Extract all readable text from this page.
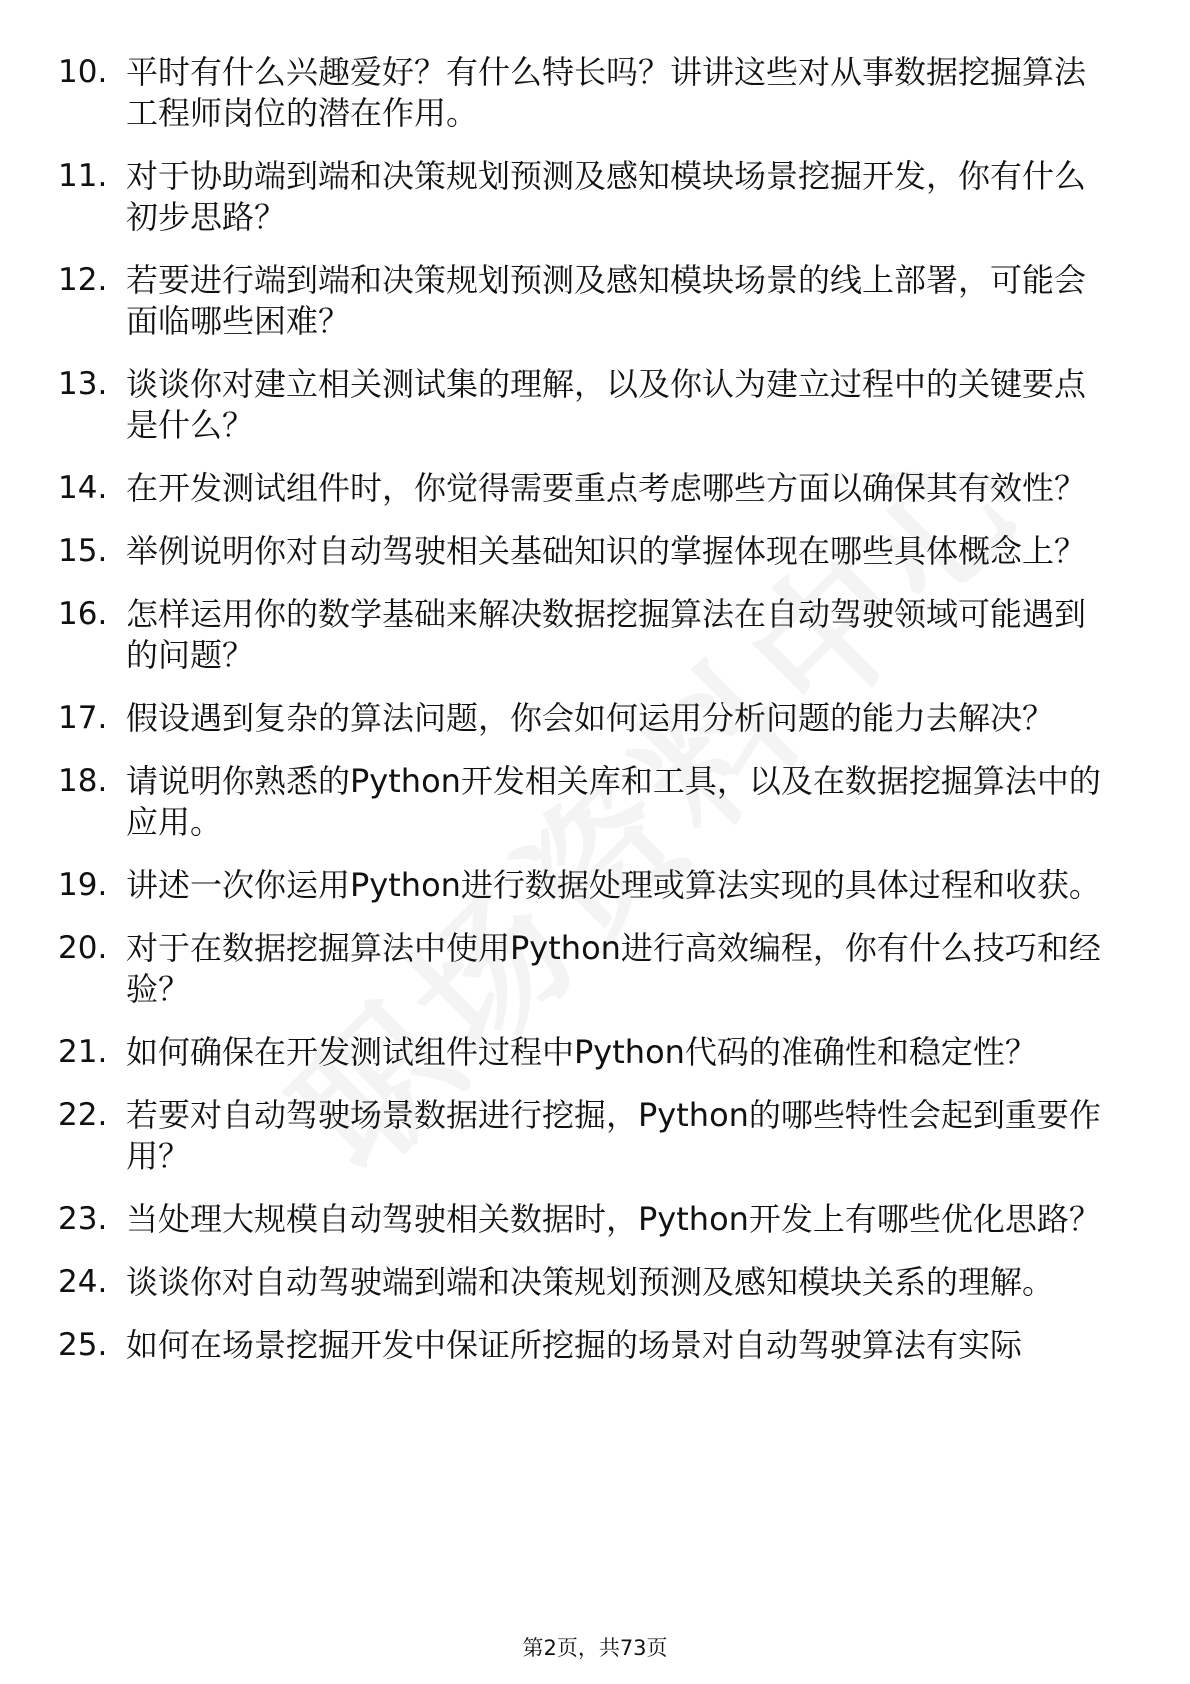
10. 平时有什么兴趣爱好？有什么特长吗？讲讲这些对从事数据挖掘算法工程师岗位的潜在作用。
11. 对于协助端到端和决策规划预测及感知模块场景挖掘开发，你有什么初步思路？
12. 若要进行端到端和决策规划预测及感知模块场景的线上部署，可能会面临哪些困难？
13. 谈谈你对建立相关测试集的理解，以及你认为建立过程中的关键要点是什么？
14. 在开发测试组件时，你觉得需要重点考虑哪些方面以确保其有效性？
15. 举例说明你对自动驾驶相关基础知识的掌握体现在哪些具体概念上？
16. 怎样运用你的数学基础来解决数据挖掘算法在自动驾驶领域可能遇到的问题？
17. 假设遇到复杂的算法问题，你会如何运用分析问题的能力去解决？
18. 请说明你熟悉的Python开发相关库和工具，以及在数据挖掘算法中的应用。
19. 讲述一次你运用Python进行数据处理或算法实现的具体过程和收获。
20. 对于在数据挖掘算法中使用Python进行高效编程，你有什么技巧和经验？
21. 如何确保在开发测试组件过程中Python代码的准确性和稳定性？
22. 若要对自动驾驶场景数据进行挖掘，Python的哪些特性会起到重要作用？
23. 当处理大规模自动驾驶相关数据时，Python开发上有哪些优化思路？
24. 谈谈你对自动驾驶端到端和决策规划预测及感知模块关系的理解。
25. 如何在场景挖掘开发中保证所挖掘的场景对自动驾驶算法有实际
第2页，共73页
